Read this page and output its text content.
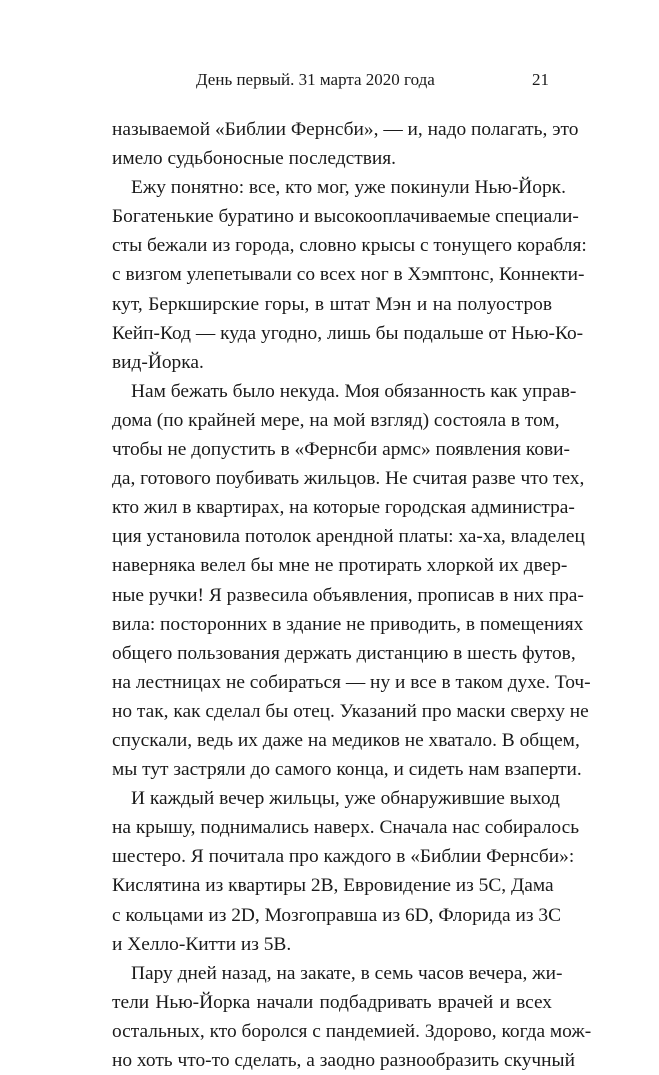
День первый. 31 марта 2020 года	21
называемой «Библии Фернсби», — и, надо полагать, это
имело судьбоносные последствия.
Ежу понятно: все, кто мог, уже покинули Нью-Йорк.
Богатенькие буратино и высокооплачиваемые специали-
сты бежали из города, словно крысы с тонущего корабля:
с визгом улепетывали со всех ног в Хэмптонс, Коннекти-
кут, Беркширские горы, в штат Мэн и на полуостров
Кейп-Код — куда угодно, лишь бы подальше от Нью-Ко-
вид-Йорка.
Нам бежать было некуда. Моя обязанность как управ-
дома (по крайней мере, на мой взгляд) состояла в том,
чтобы не допустить в «Фернсби армс» появления кови-
да, готового поубивать жильцов. Не считая разве что тех,
кто жил в квартирах, на которые городская администра-
ция установила потолок арендной платы: ха-ха, владелец
наверняка велел бы мне не протирать хлоркой их двер-
ные ручки! Я развесила объявления, прописав в них пра-
вила: посторонних в здание не приводить, в помещениях
общего пользования держать дистанцию в шесть футов,
на лестницах не собираться — ну и все в таком духе. Точ-
но так, как сделал бы отец. Указаний про маски сверху не
спускали, ведь их даже на медиков не хватало. В общем,
мы тут застряли до самого конца, и сидеть нам взаперти.
И каждый вечер жильцы, уже обнаружившие выход
на крышу, поднимались наверх. Сначала нас собиралось
шестеро. Я почитала про каждого в «Библии Фернсби»:
Кислятина из квартиры 2B, Евровидение из 5C, Дама
с кольцами из 2D, Мозгоправша из 6D, Флорида из 3C
и Хелло-Китти из 5B.
Пару дней назад, на закате, в семь часов вечера, жи-
тели Нью-Йорка начали подбадривать врачей и всех
остальных, кто боролся с пандемией. Здорово, когда мож-
но хоть что-то сделать, а заодно разнообразить скучный
